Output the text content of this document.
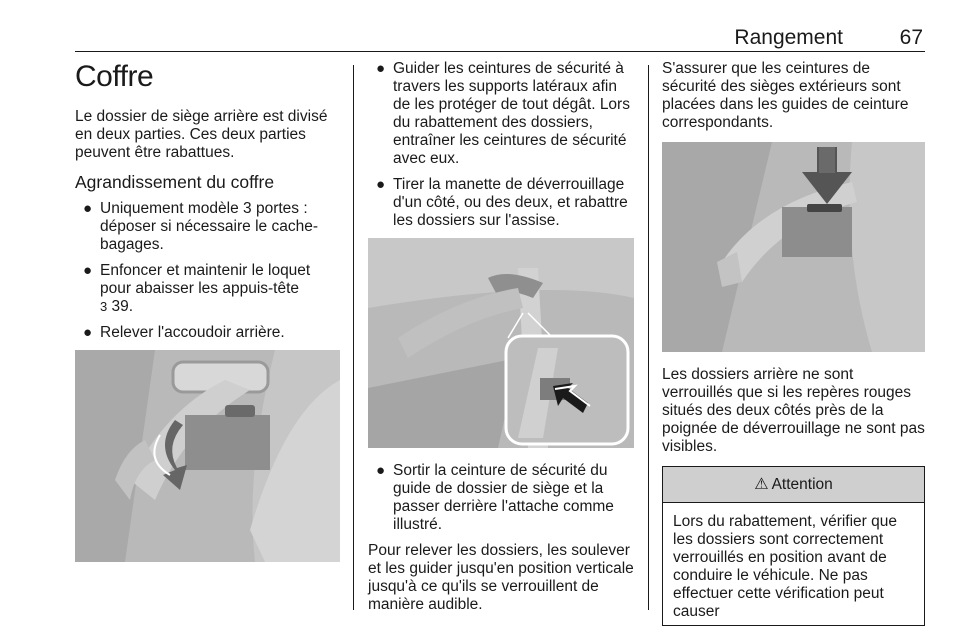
Rangement	67
Coffre

Le dossier de siège arrière est divisé en deux parties. Ces deux parties peuvent être rabattues.

Agrandissement du coffre
● Uniquement modèle 3 portes : déposer si nécessaire le cache-bagages.
● Enfoncer et maintenir le loquet pour abaisser les appuis-tête
3 39.
● Relever l'accoudoir arrière.
● Guider les ceintures de sécurité à travers les supports latéraux afin de les protéger de tout dégât. Lors du rabattement des dossiers, entraîner les ceintures de sécurité avec eux.
● Tirer la manette de déverrouillage d'un côté, ou des deux, et rabattre les dossiers sur l'assise.
● Sortir la ceinture de sécurité du guide de dossier de siège et la passer derrière l'attache comme illustré.

Pour relever les dossiers, les soulever et les guider jusqu'en position verticale jusqu'à ce qu'ils se verrouillent de manière audible.

S'assurer que les ceintures de sécurité des sièges extérieurs sont placées dans les guides de ceinture correspondants.

Les dossiers arrière ne sont verrouillés que si les repères rouges situés des deux côtés près de la poignée de déverrouillage ne sont pas visibles.

⚠ Attention
Lors du rabattement, vérifier que les dossiers sont correctement verrouillés en position avant de conduire le véhicule. Ne pas effectuer cette vérification peut causer
